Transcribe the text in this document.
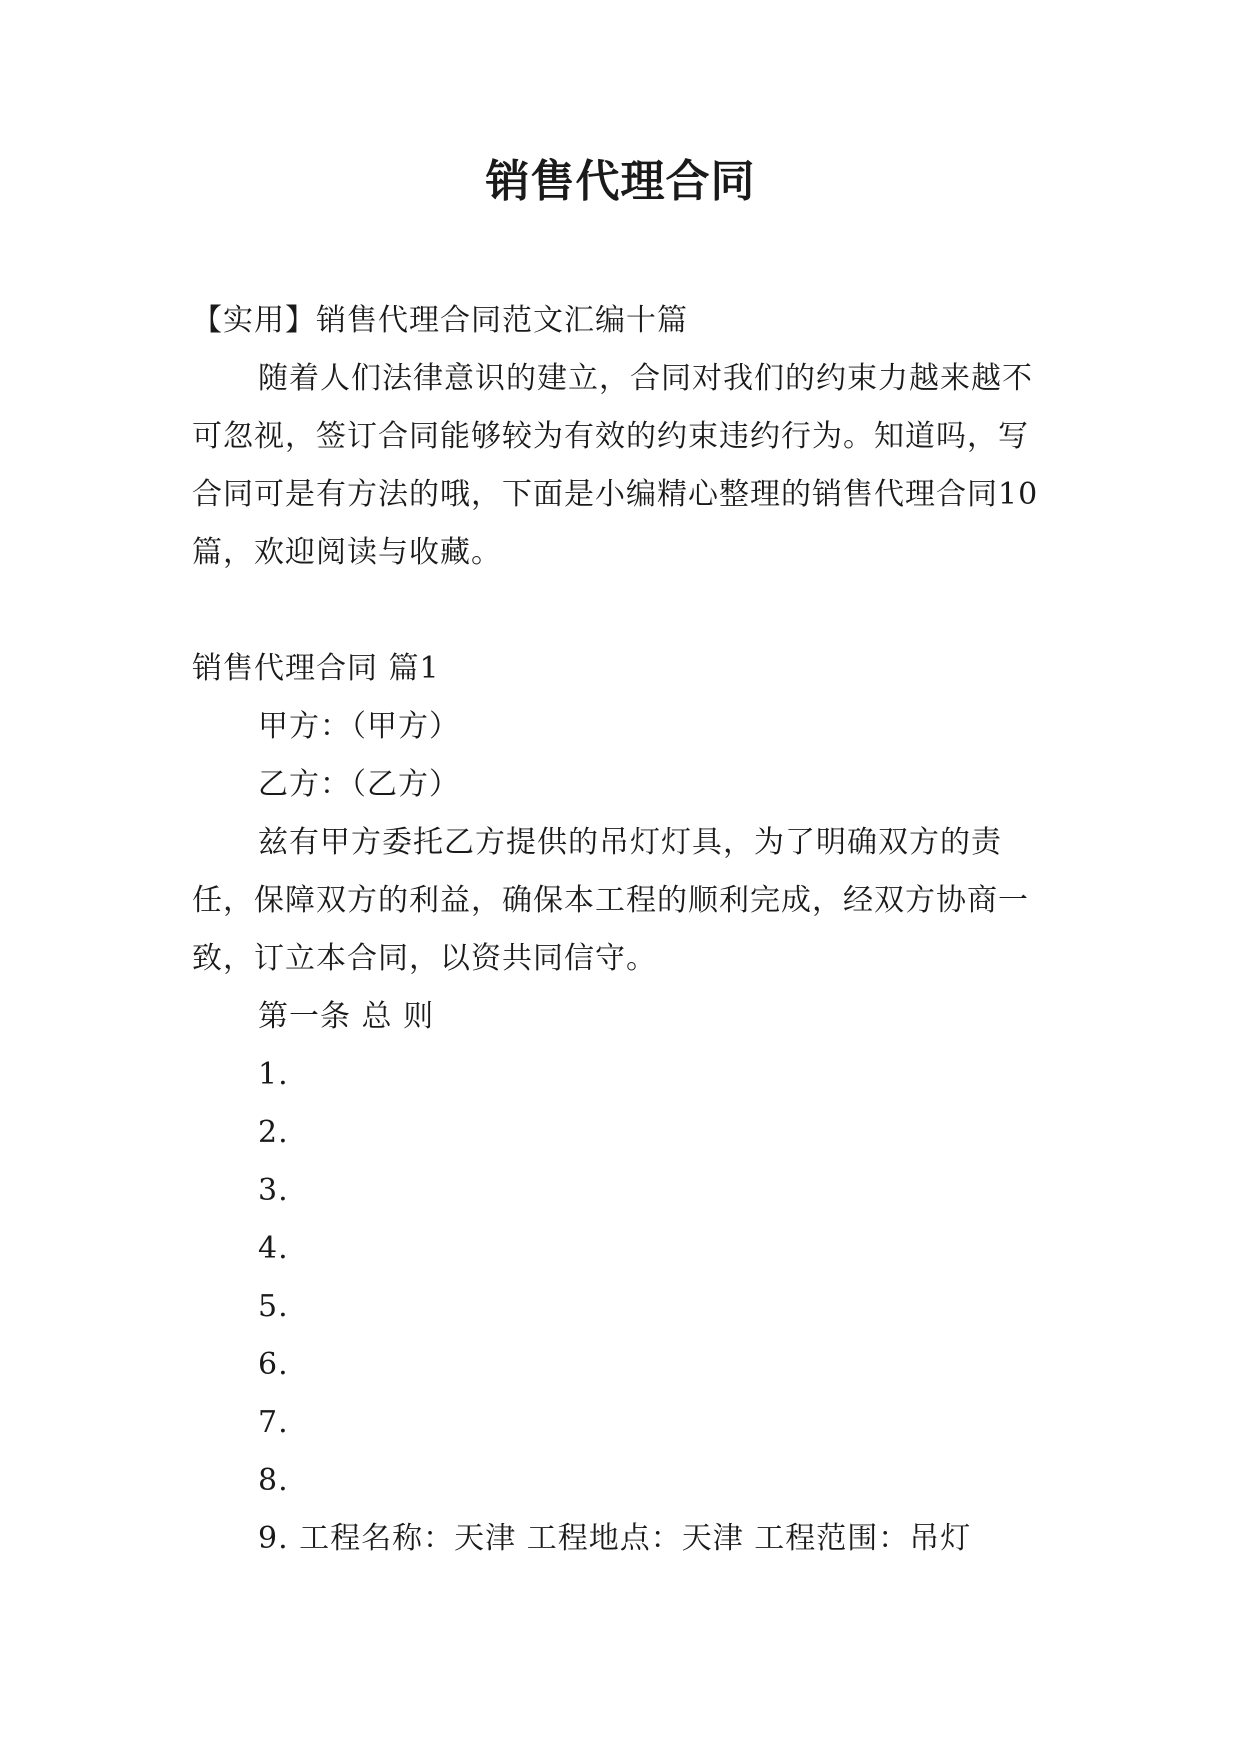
销售代理合同

【实用】销售代理合同范文汇编十篇

随着人们法律意识的建立，合同对我们的约束力越来越不可忽视，签订合同能够较为有效的约束违约行为。知道吗，写合同可是有方法的哦，下面是小编精心整理的销售代理合同10篇，欢迎阅读与收藏。

销售代理合同 篇1

甲方：（甲方）

乙方：（乙方）

兹有甲方委托乙方提供的吊灯灯具，为了明确双方的责任，保障双方的利益，确保本工程的顺利完成，经双方协商一致，订立本合同，以资共同信守。

第一条 总 则

1.

2.

3.

4.

5.

6.

7.

8.

9. 工程名称：天津 工程地点：天津 工程范围：吊灯
